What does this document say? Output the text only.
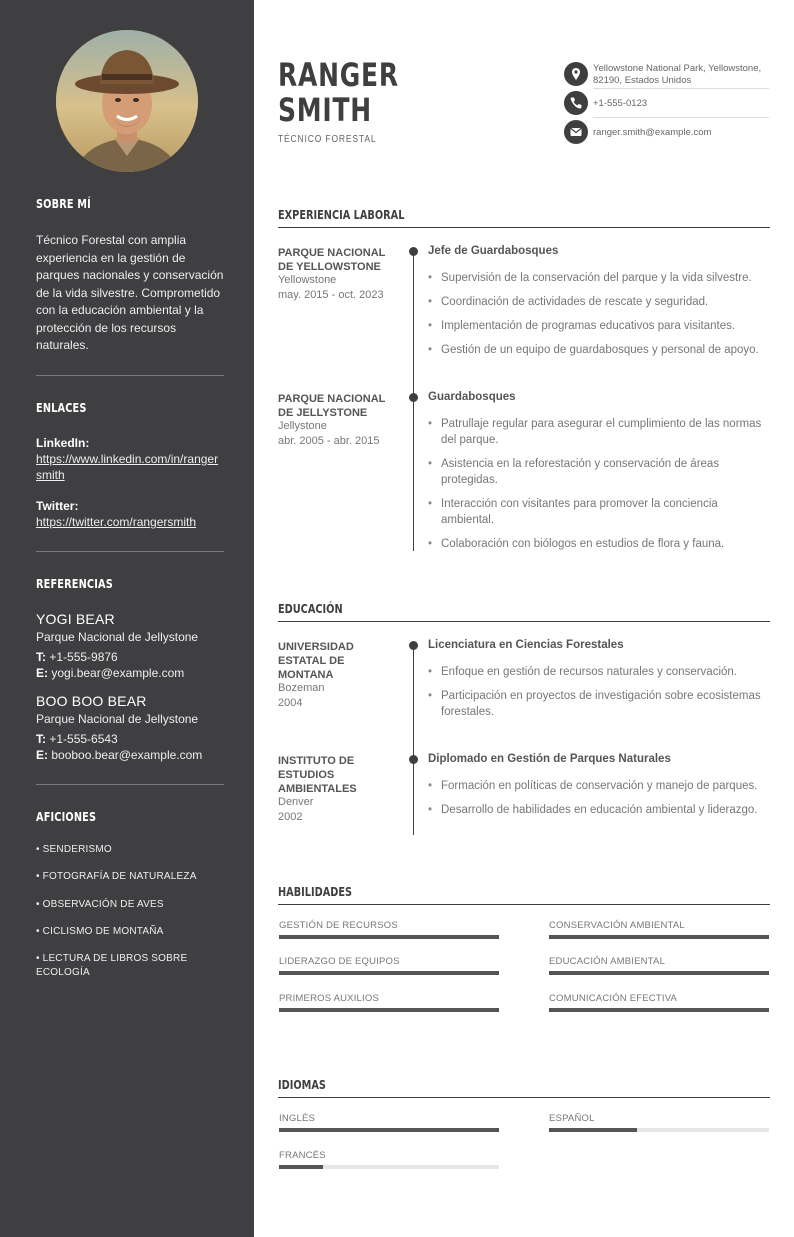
SOBRE MÍ
Técnico Forestal con amplia experiencia en la gestión de parques nacionales y conservación de la vida silvestre. Comprometido con la educación ambiental y la protección de los recursos naturales.
ENLACES
LinkedIn:
https://www.linkedin.com/in/rangersmith
Twitter:
https://twitter.com/rangersmith
REFERENCIAS
YOGI BEAR
Parque Nacional de Jellystone
T: +1-555-9876
E: yogi.bear@example.com
BOO BOO BEAR
Parque Nacional de Jellystone
T: +1-555-6543
E: booboo.bear@example.com
AFICIONES
• SENDERISMO
• FOTOGRAFÍA DE NATURALEZA
• OBSERVACIÓN DE AVES
• CICLISMO DE MONTAÑA
• LECTURA DE LIBROS SOBRE ECOLOGÍA
RANGER
SMITH
TÉCNICO FORESTAL
Yellowstone National Park, Yellowstone, 82190, Estados Unidos
+1-555-0123
ranger.smith@example.com
EXPERIENCIA LABORAL
PARQUE NACIONAL DE YELLOWSTONE
Yellowstone
may. 2015 - oct. 2023
Jefe de Guardabosques
• Supervisión de la conservación del parque y la vida silvestre.
• Coordinación de actividades de rescate y seguridad.
• Implementación de programas educativos para visitantes.
• Gestión de un equipo de guardabosques y personal de apoyo.
PARQUE NACIONAL DE JELLYSTONE
Jellystone
abr. 2005 - abr. 2015
Guardabosques
• Patrullaje regular para asegurar el cumplimiento de las normas del parque.
• Asistencia en la reforestación y conservación de áreas protegidas.
• Interacción con visitantes para promover la conciencia ambiental.
• Colaboración con biólogos en estudios de flora y fauna.
EDUCACIÓN
UNIVERSIDAD ESTATAL DE MONTANA
Bozeman
2004
Licenciatura en Ciencias Forestales
• Enfoque en gestión de recursos naturales y conservación.
• Participación en proyectos de investigación sobre ecosistemas forestales.
INSTITUTO DE ESTUDIOS AMBIENTALES
Denver
2002
Diplomado en Gestión de Parques Naturales
• Formación en políticas de conservación y manejo de parques.
• Desarrollo de habilidades en educación ambiental y liderazgo.
HABILIDADES
GESTIÓN DE RECURSOS	CONSERVACIÓN AMBIENTAL
LIDERAZGO DE EQUIPOS	EDUCACIÓN AMBIENTAL
PRIMEROS AUXILIOS	COMUNICACIÓN EFECTIVA
IDIOMAS
INGLÉS	ESPAÑOL
FRANCÉS
